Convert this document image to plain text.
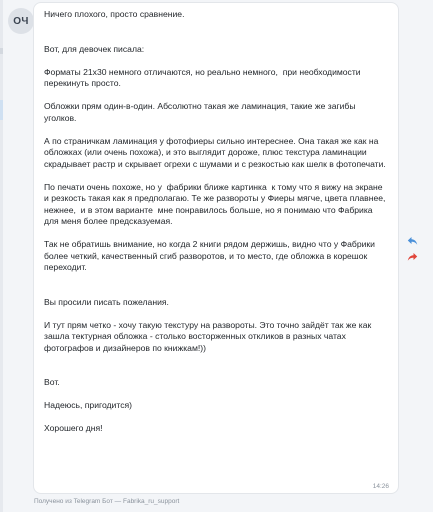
ОЧ
Ничего плохого, просто сравнение.

Вот, для девочек писала:

Форматы 21х30 немного отличаются, но реально немного,  при необходимости перекинуть просто.

Обложки прям один-в-один. Абсолютно такая же ламинация, такие же загибы уголков.

А по страничкам ламинация у фотофиеры сильно интереснее. Она такая же как на обложках (или очень похожа), и это выглядит дороже, плюс текстура ламинации скрадывает растр и скрывает огрехи с шумами и с резкостью как шелк в фотопечати.

По печати очень похоже, но у  фабрики ближе картинка  к тому что я вижу на экране и резкость такая как я предполагаю. Те же развороты у Фиеры мягче, цвета плавнее, нежнее,  и в этом варианте  мне понравилось больше, но я понимаю что Фабрика для меня более предсказуемая.

Так не обратишь внимание, но когда 2 книги рядом держишь, видно что у Фабрики более четкий, качественный сгиб разворотов, и то место, где обложка в корешок переходит.

Вы просили писать пожелания.

И тут прям четко - хочу такую текстуру на развороты. Это точно зайдёт так же как зашла тектурная обложка - столько восторженных откликов в разных чатах фотографов и дизайнеров по книжкам!))

Вот.

Надеюсь, пригодится)

Хорошего дня!
14:26
Получено из Telegram Бот — Fabrika_ru_support
